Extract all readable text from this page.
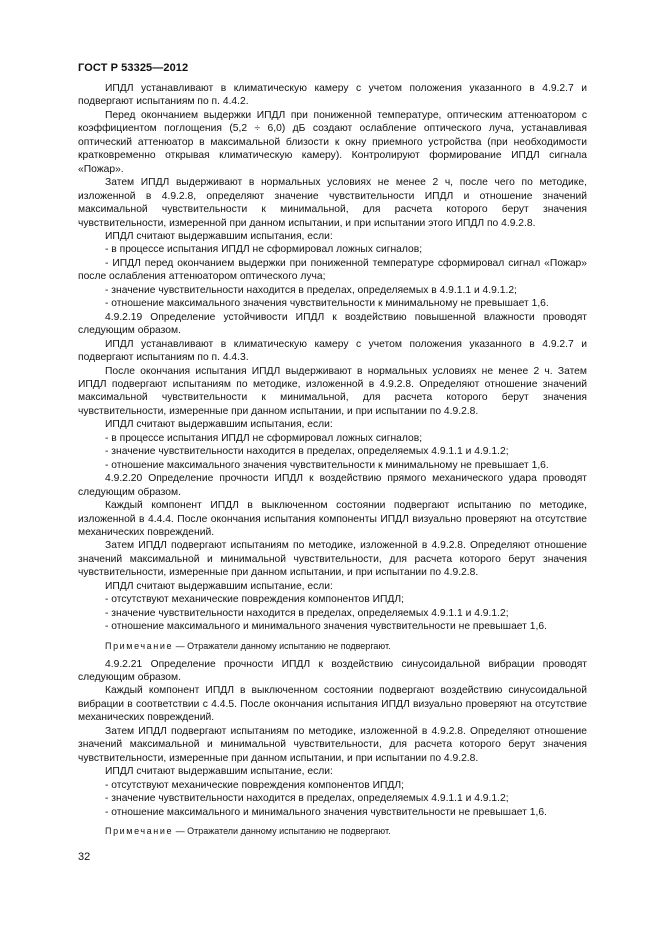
ГОСТ Р 53325—2012

ИПДЛ устанавливают в климатическую камеру с учетом положения указанного в 4.9.2.7 и подвергают испытаниям по п. 4.4.2.

Перед окончанием выдержки ИПДЛ при пониженной температуре, оптическим аттенюатором с коэффициентом поглощения (5,2 ÷ 6,0) дБ создают ослабление оптического луча, устанавливая оптический аттенюатор в максимальной близости к окну приемного устройства (при необходимости кратковременно открывая климатическую камеру). Контролируют формирование ИПДЛ сигнала «Пожар».

Затем ИПДЛ выдерживают в нормальных условиях не менее 2 ч, после чего по методике, изложенной в 4.9.2.8, определяют значение чувствительности ИПДЛ и отношение значений максимальной чувствительности к минимальной, для расчета которого берут значения чувствительности, измеренной при данном испытании, и при испытании этого ИПДЛ по 4.9.2.8.

ИПДЛ считают выдержавшим испытания, если:

- в процессе испытания ИПДЛ не сформировал ложных сигналов;

- ИПДЛ перед окончанием выдержки при пониженной температуре сформировал сигнал «Пожар» после ослабления аттенюатором оптического луча;

- значение чувствительности находится в пределах, определяемых в 4.9.1.1 и 4.9.1.2;

- отношение максимального значения чувствительности к минимальному не превышает 1,6.

4.9.2.19 Определение устойчивости ИПДЛ к воздействию повышенной влажности проводят следующим образом.

ИПДЛ устанавливают в климатическую камеру с учетом положения указанного в 4.9.2.7 и подвергают испытаниям по п. 4.4.3.

После окончания испытания ИПДЛ выдерживают в нормальных условиях не менее 2 ч. Затем ИПДЛ подвергают испытаниям по методике, изложенной в 4.9.2.8. Определяют отношение значений максимальной чувствительности к минимальной, для расчета которого берут значения чувствительности, измеренные при данном испытании, и при испытании по 4.9.2.8.

ИПДЛ считают выдержавшим испытания, если:

- в процессе испытания ИПДЛ не сформировал ложных сигналов;

- значение чувствительности находится в пределах, определяемых 4.9.1.1 и 4.9.1.2;

- отношение максимального значения чувствительности к минимальному не превышает 1,6.

4.9.2.20 Определение прочности ИПДЛ к воздействию прямого механического удара проводят следующим образом.

Каждый компонент ИПДЛ в выключенном состоянии подвергают испытанию по методике, изложенной в 4.4.4. После окончания испытания компоненты ИПДЛ визуально проверяют на отсутствие механических повреждений.

Затем ИПДЛ подвергают испытаниям по методике, изложенной в 4.9.2.8. Определяют отношение значений максимальной и минимальной чувствительности, для расчета которого берут значения чувствительности, измеренные при данном испытании, и при испытании по 4.9.2.8.

ИПДЛ считают выдержавшим испытание, если:

- отсутствуют механические повреждения компонентов ИПДЛ;

- значение чувствительности находится в пределах, определяемых 4.9.1.1 и 4.9.1.2;

- отношение максимального и минимального значения чувствительности не превышает 1,6.

Примечание — Отражатели данному испытанию не подвергают.

4.9.2.21 Определение прочности ИПДЛ к воздействию синусоидальной вибрации проводят следующим образом.

Каждый компонент ИПДЛ в выключенном состоянии подвергают воздействию синусоидальной вибрации в соответствии с 4.4.5. После окончания испытания ИПДЛ визуально проверяют на отсутствие механических повреждений.

Затем ИПДЛ подвергают испытаниям по методике, изложенной в 4.9.2.8. Определяют отношение значений максимальной и минимальной чувствительности, для расчета которого берут значения чувствительности, измеренные при данном испытании, и при испытании по 4.9.2.8.

ИПДЛ считают выдержавшим испытание, если:

- отсутствуют механические повреждения компонентов ИПДЛ;

- значение чувствительности находится в пределах, определяемых 4.9.1.1 и 4.9.1.2;

- отношение максимального и минимального значения чувствительности не превышает 1,6.

Примечание — Отражатели данному испытанию не подвергают.

32
